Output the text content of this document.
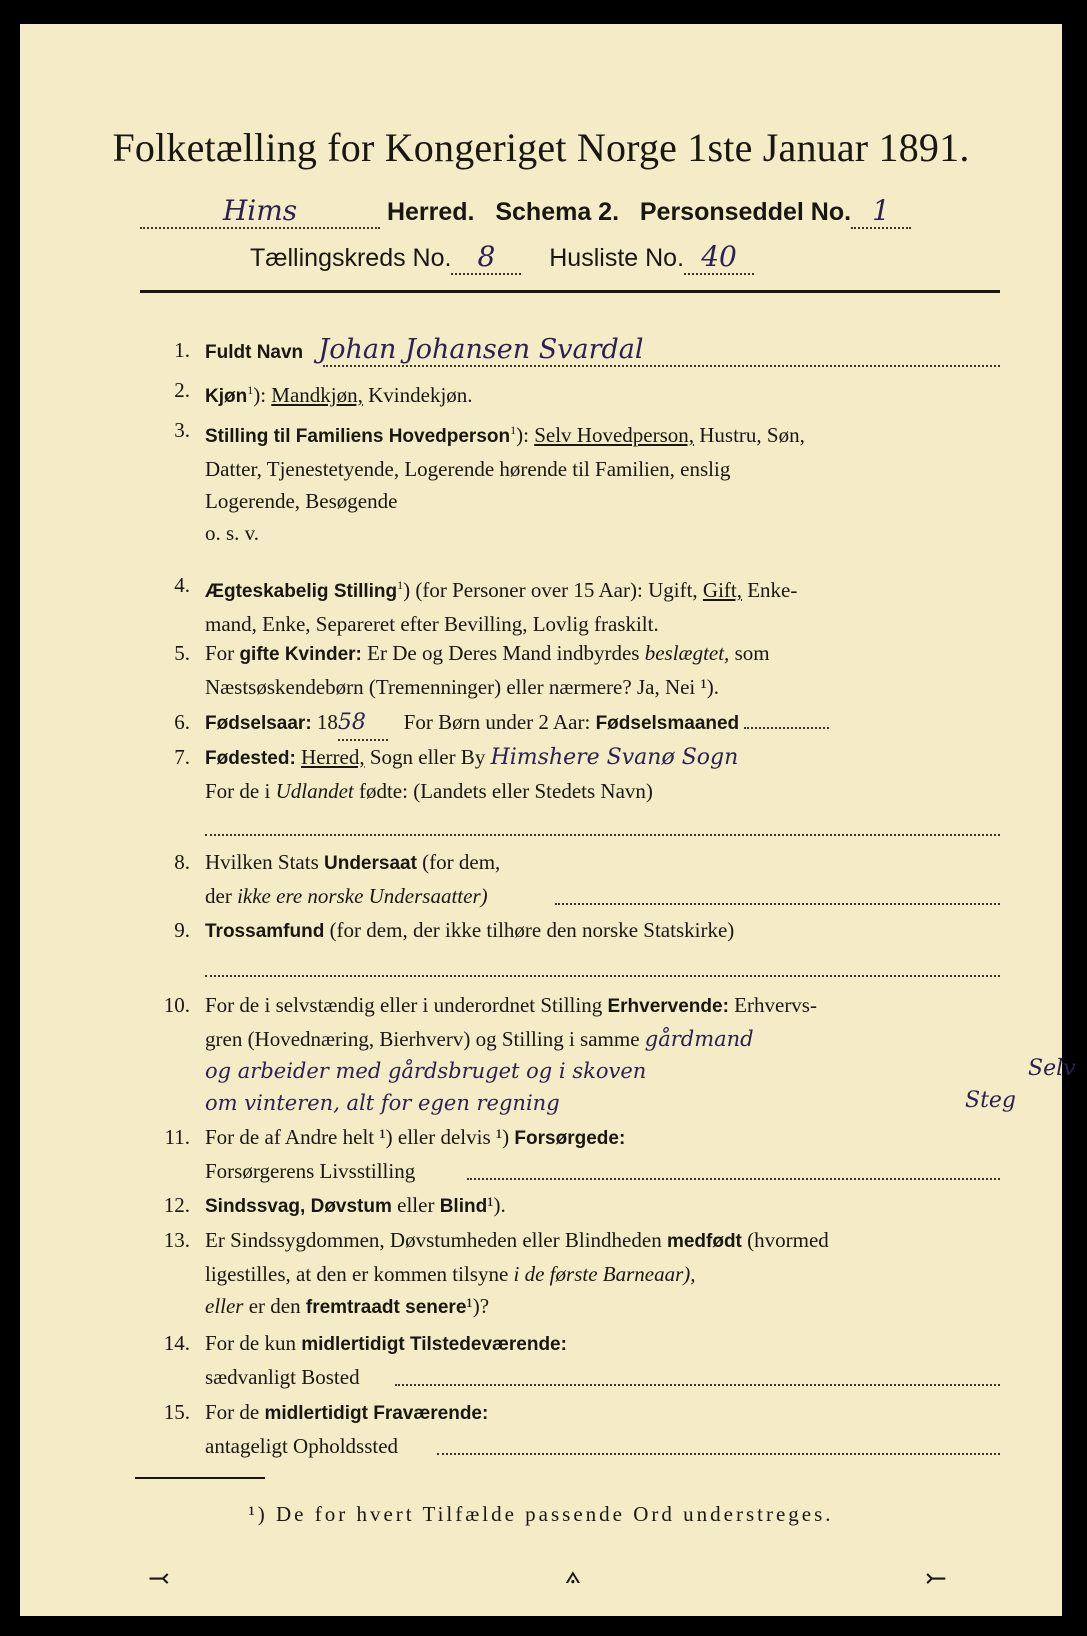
Folketælling for Kongeriget Norge 1ste Januar 1891.
Hims	Herred. Schema 2. Personseddel No. 1
Tællingskreds No. 8 Husliste No. 40
1. Fuldt Navn Johan Johansen Svardal
2. Kjøn$^1$): Mandkjøn, Kvindekjøn.
3. Stilling til Familiens Hovedperson$^1$): Selv Hovedperson, Hustru, Søn,
Datter, Tjenestetyende, Logerende hørende til Familien, enslig
Logerende, Besøgende
o. s. v.
4. Ægteskabelig Stilling$^1$) (for Personer over 15 Aar): Ugift, Gift, Enke-
mand, Enke, Separeret efter Bevilling, Lovlig fraskilt.
5. For gifte Kvinder: Er De og Deres Mand indbyrdes beslægtet, som
Næstsøskendebørn (Tremenninger) eller nærmere? Ja, Nei ¹).
6. Fødselsaar: 1858 For Børn under 2 Aar: Fødselsmaaned
7. Fødested: Herred, Sogn eller By Himshere Svanø Sogn
For de i Udlandet fødte: (Landets eller Stedets Navn)
8. Hvilken Stats Undersaat (for dem,
der ikke ere norske Undersaatter)
9. Trossamfund (for dem, der ikke tilhøre den norske Statskirke)
10. For de i selvstændig eller i underordnet Stilling Erhvervende: Erhvervs-
gren (Hovednæring, Bierhverv) og Stilling i samme gårdmand
og arbeider med gårdsbruget og i skoven
om vinteren, alt for egen regning
Selv
Steg
11. For de af Andre helt ¹) eller delvis ¹) Forsørgede:
Forsørgerens Livsstilling
12. Sindssvag, Døvstum eller Blind¹).
13. Er Sindssygdommen, Døvstumheden eller Blindheden medfødt (hvormed
ligestilles, at den er kommen tilsyne i de første Barneaar),
eller er den fremtraadt senere¹)?
14. For de kun midlertidigt Tilstedeværende:
sædvanligt Bosted
15. For de midlertidigt Fraværende:
antageligt Opholdssted
¹) De for hvert Tilfælde passende Ord understreges.
⤙	⟑	⤚
